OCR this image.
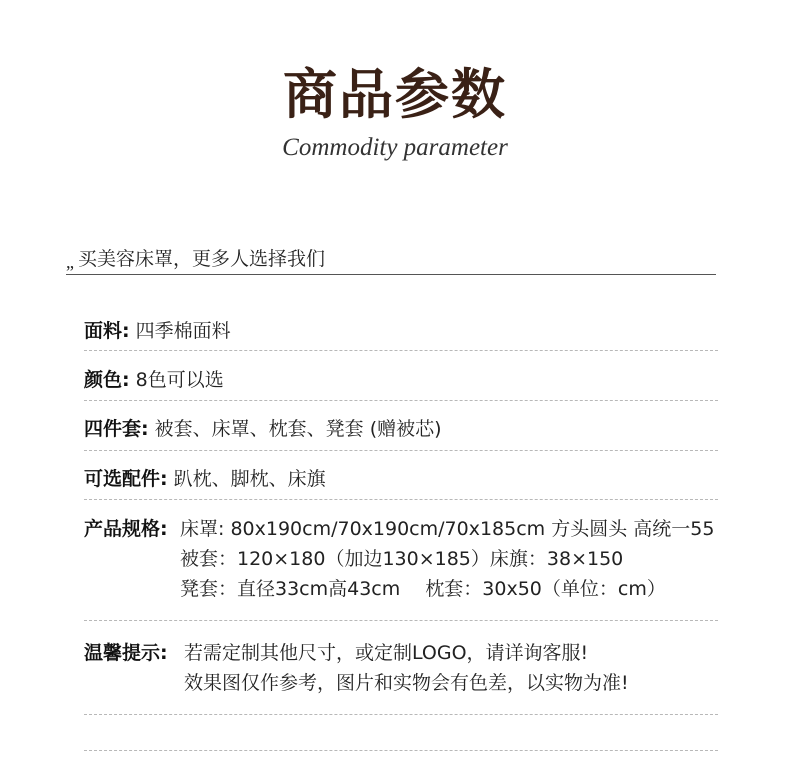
商品参数
Commodity parameter
„ 买美容床罩，更多人选择我们
面料: 四季棉面料
颜色: 8色可以选
四件套: 被套、床罩、枕套、凳套 (赠被芯)
可选配件: 趴枕、脚枕、床旗
产品规格: 床罩: 80x190cm/70x190cm/70x185cm 方头圆头 高统一55
被套：120×180（加边130×185）床旗：38×150
凳套：直径33cm高43cm　 枕套：30x50（单位：cm）
温馨提示: 若需定制其他尺寸，或定制LOGO，请详询客服!
效果图仅作参考，图片和实物会有色差，以实物为准!
